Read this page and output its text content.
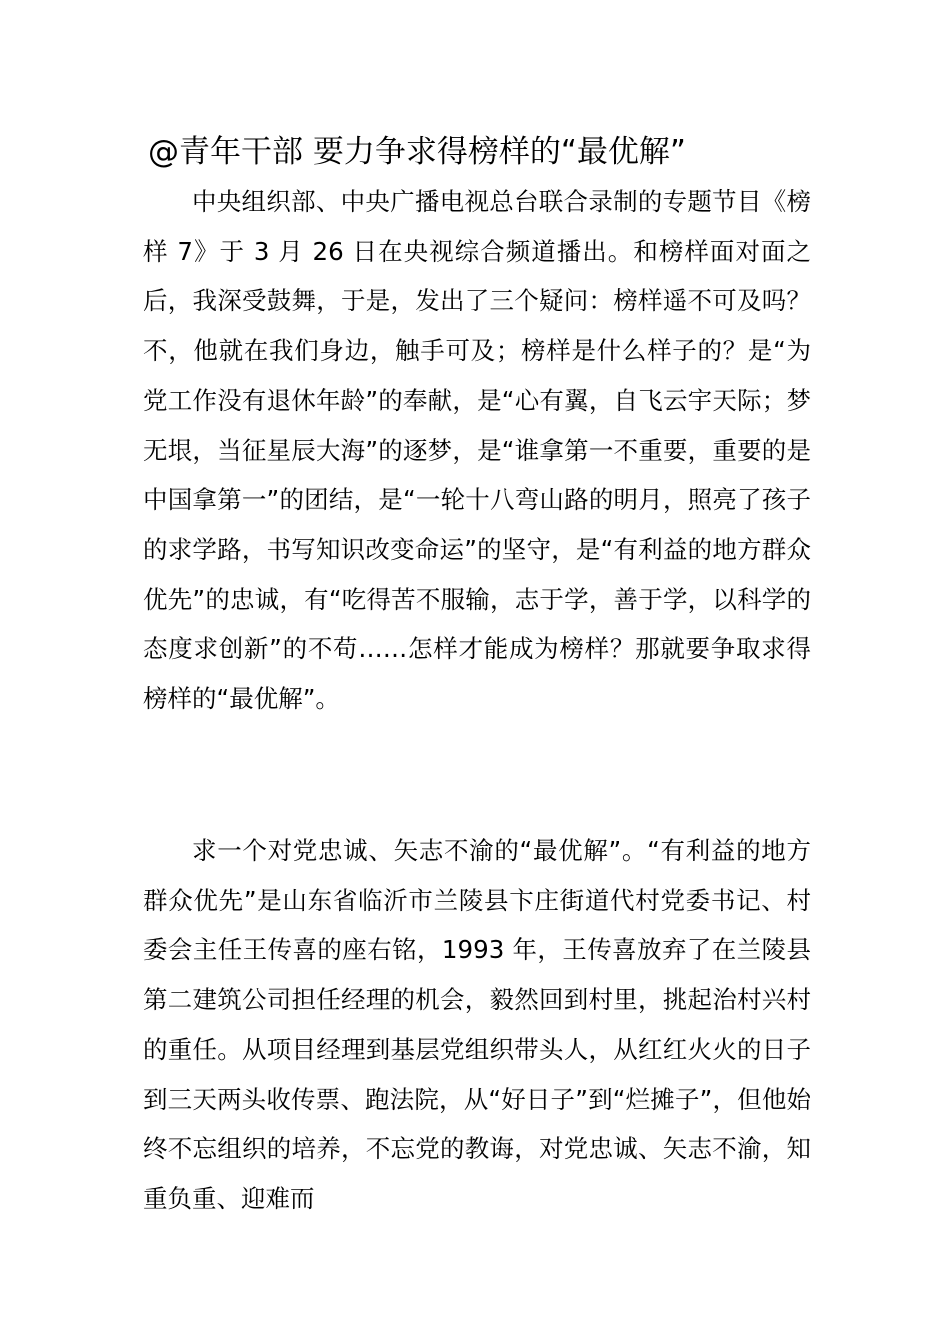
@青年干部 要力争求得榜样的“最优解”

中央组织部、中央广播电视总台联合录制的专题节目《榜样 7》于 3 月 26 日在央视综合频道播出。和榜样面对面之后，我深受鼓舞，于是，发出了三个疑问：榜样遥不可及吗？不，他就在我们身边，触手可及；榜样是什么样子的？是“为党工作没有退休年龄”的奉献，是“心有翼，自飞云宇天际；梦无垠，当征星辰大海”的逐梦，是“谁拿第一不重要，重要的是中国拿第一”的团结，是“一轮十八弯山路的明月，照亮了孩子的求学路，书写知识改变命运”的坚守，是“有利益的地方群众优先”的忠诚，有“吃得苦不服输，志于学，善于学，以科学的态度求创新”的不苟……怎样才能成为榜样？那就要争取求得榜样的“最优解”。

求一个对党忠诚、矢志不渝的“最优解”。“有利益的地方群众优先”是山东省临沂市兰陵县卞庄街道代村党委书记、村委会主任王传喜的座右铭，1993 年，王传喜放弃了在兰陵县第二建筑公司担任经理的机会，毅然回到村里，挑起治村兴村的重任。从项目经理到基层党组织带头人，从红红火火的日子到三天两头收传票、跑法院，从“好日子”到“烂摊子”，但他始终不忘组织的培养，不忘党的教诲，对党忠诚、矢志不渝，知重负重、迎难而
